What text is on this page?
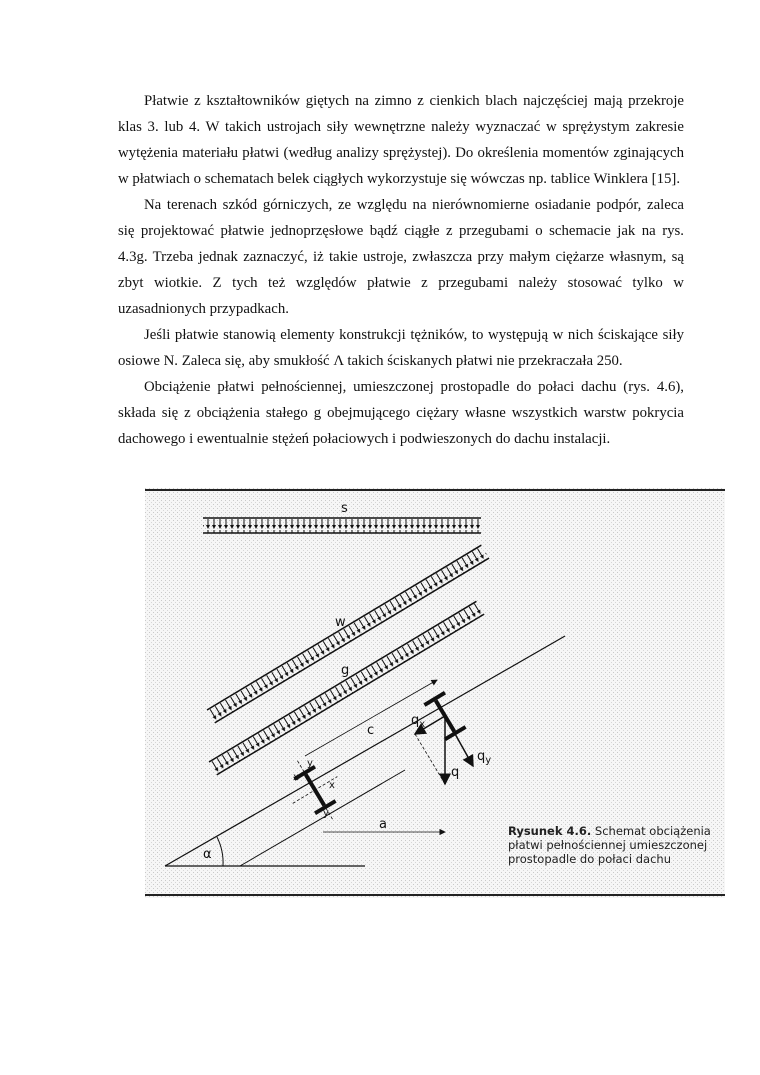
Płatwie z kształtowników giętych na zimno z cienkich blach najczęściej mają przekroje klas 3. lub 4. W takich ustrojach siły wewnętrzne należy wyznaczać w sprężystym zakresie wytężenia materiału płatwi (według analizy sprężystej). Do określenia momentów zginających w płatwiach o schematach belek ciągłych wykorzystuje się wówczas np. tablice Winklera [15].

Na terenach szkód górniczych, ze względu na nierównomierne osiadanie podpór, zaleca się projektować płatwie jednoprzęsłowe bądź ciągłe z przegubami o schemacie jak na rys. 4.3g. Trzeba jednak zaznaczyć, iż takie ustroje, zwłaszcza przy małym ciężarze własnym, są zbyt wiotkie. Z tych też względów płatwie z przegubami należy stosować tylko w uzasadnionych przypadkach.

Jeśli płatwie stanowią elementy konstrukcji tężników, to występują w nich ściskające siły osiowe N. Zaleca się, aby smukłość Λ takich ściskanych płatwi nie przekraczała 250.

Obciążenie płatwi pełnościennej, umieszczonej prostopadle do połaci dachu (rys. 4.6), składa się z obciążenia stałego g obejmującego ciężary własne wszystkich warstw pokrycia dachowego i ewentualnie stężeń połaciowych i podwieszonych do dachu instalacji.

s
w
g
α
c
a
x
y
y
x
$q_x$
$q_y$
q
Rysunek 4.6. Schemat obciążenia płatwi pełnościennej umieszczonej prostopadle do połaci dachu
